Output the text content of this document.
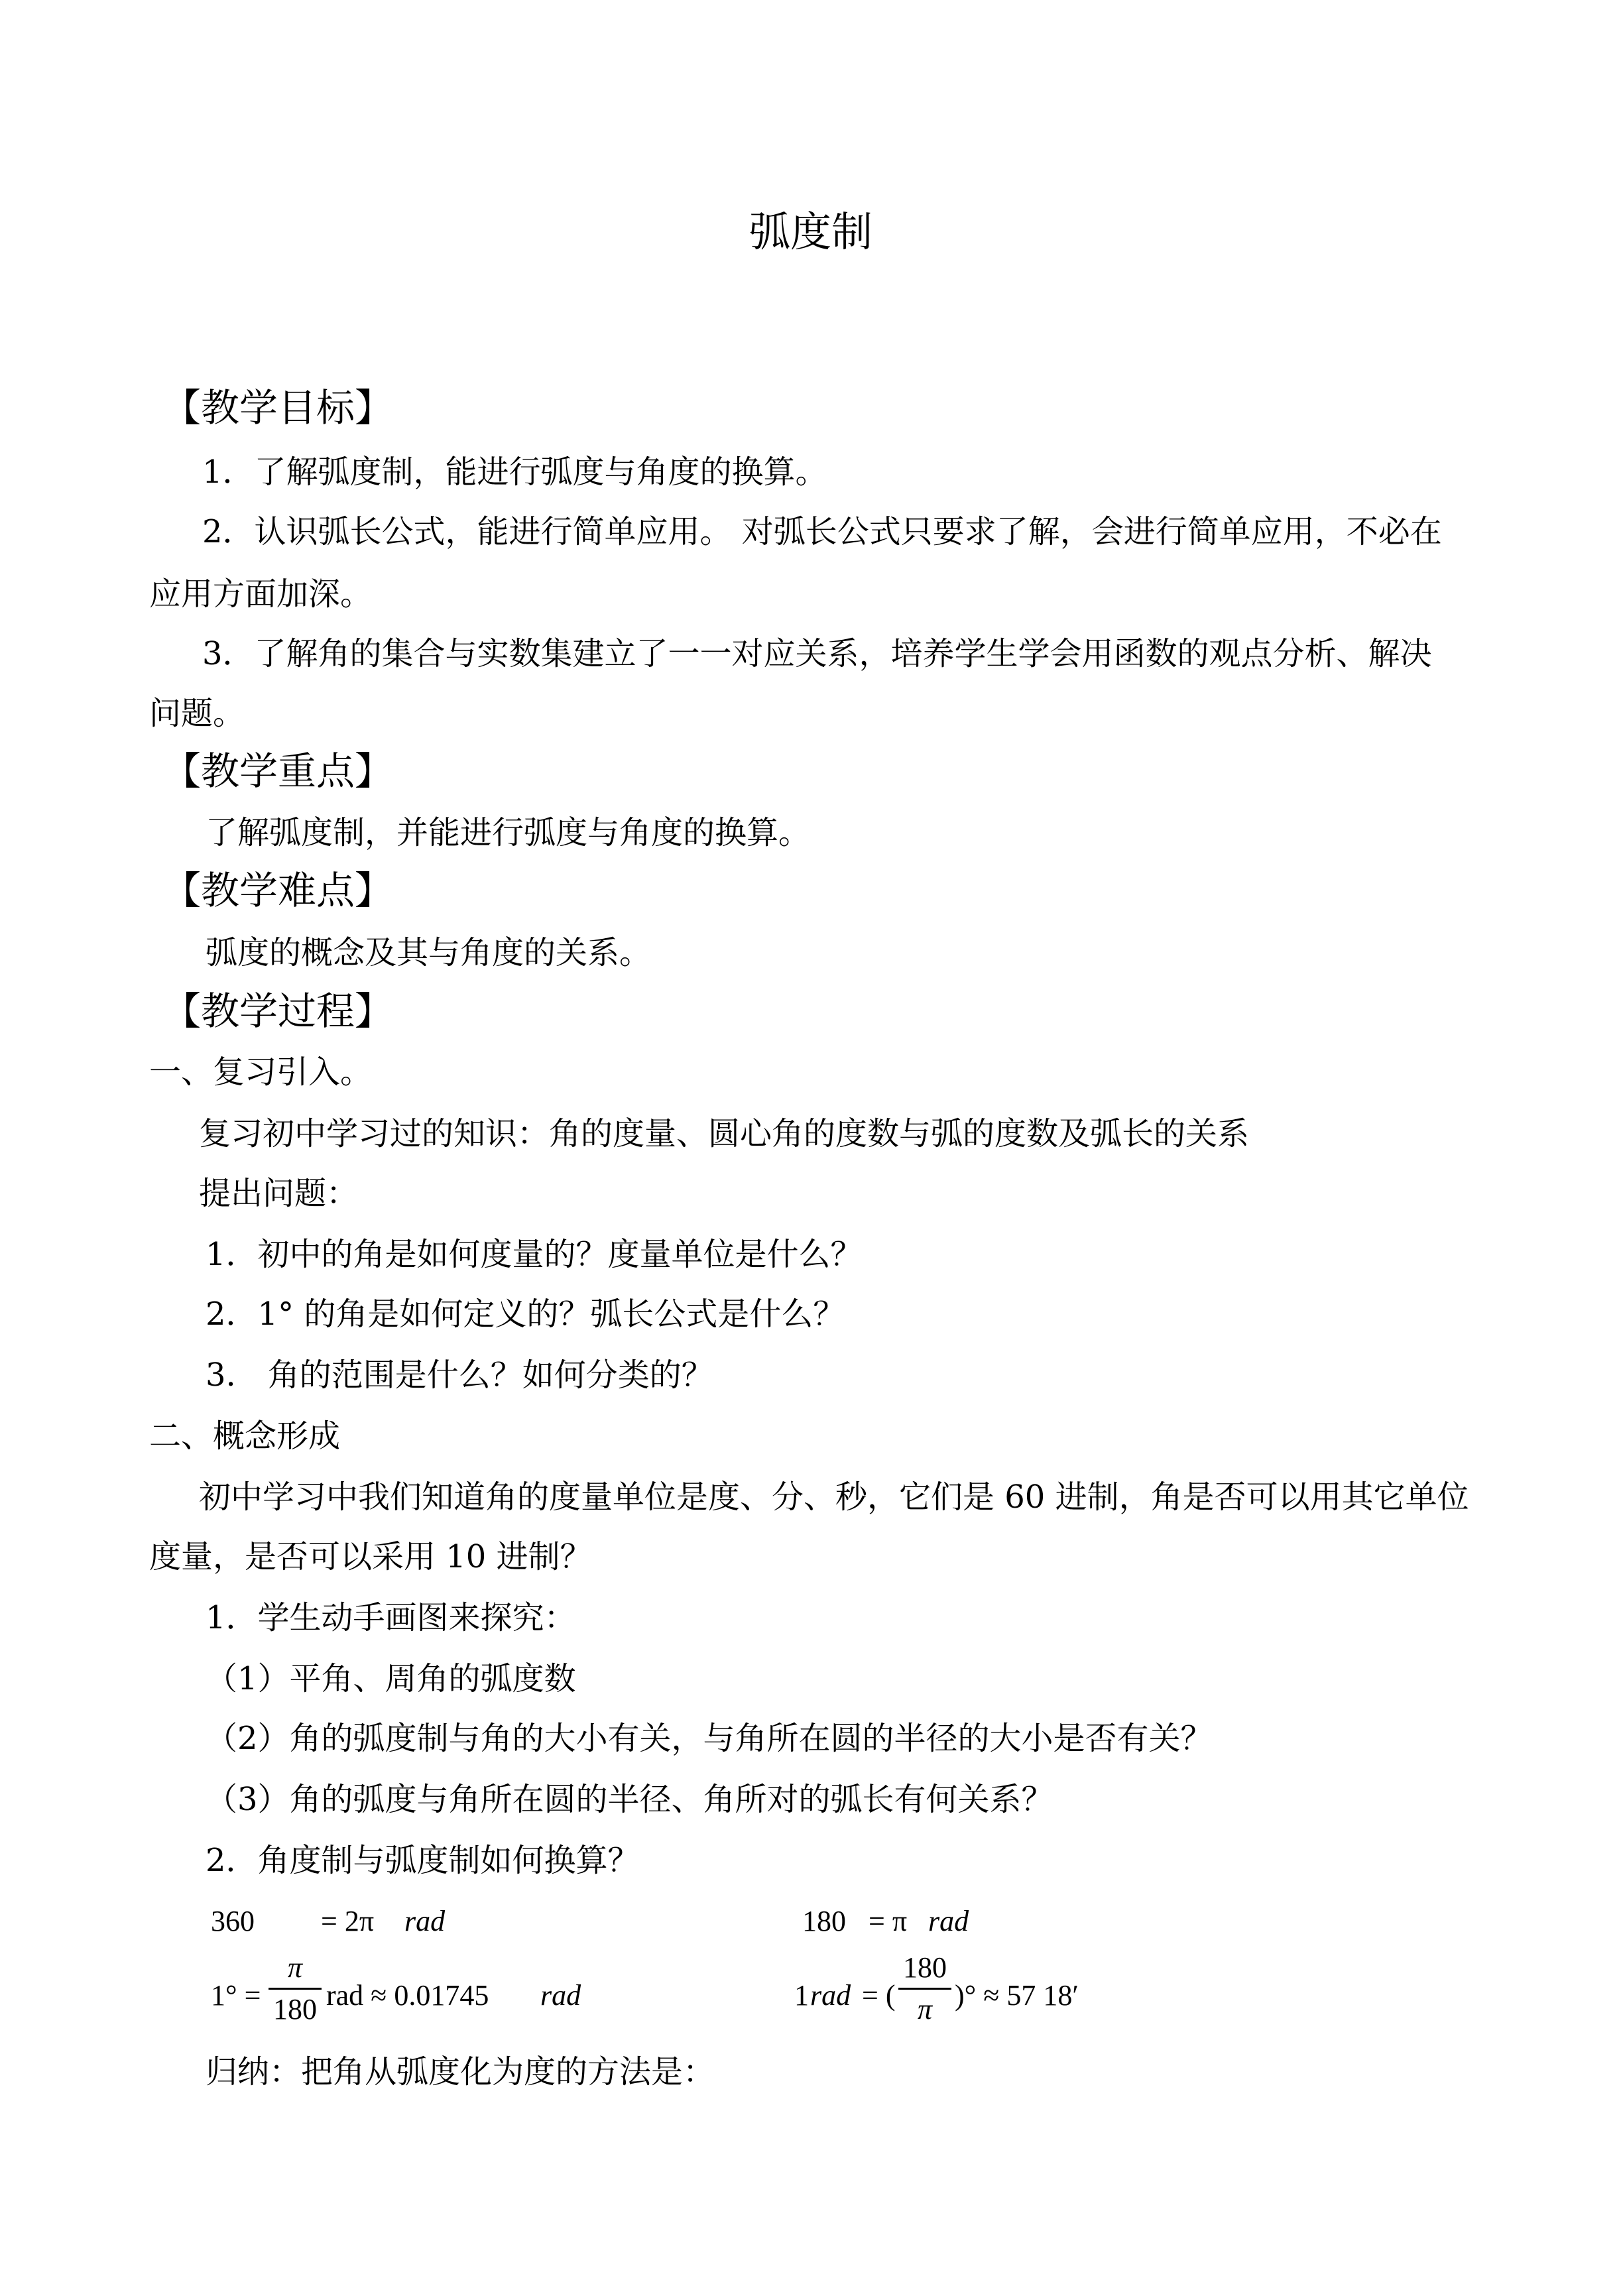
弧度制
【教学目标】
1．了解弧度制，能进行弧度与角度的换算。
2．认识弧长公式，能进行简单应用。 对弧长公式只要求了解，会进行简单应用，不必在
应用方面加深。
3．了解角的集合与实数集建立了一一对应关系，培养学生学会用函数的观点分析、解决
问题。
【教学重点】
了解弧度制，并能进行弧度与角度的换算。
【教学难点】
弧度的概念及其与角度的关系。
【教学过程】
一、复习引入。
复习初中学习过的知识：角的度量、圆心角的度数与弧的度数及弧长的关系
提出问题：
1．初中的角是如何度量的？度量单位是什么？
2．1° 的角是如何定义的？弧长公式是什么？
3.　角的范围是什么？如何分类的？
二、概念形成
初中学习中我们知道角的度量单位是度、分、秒，它们是 60 进制，角是否可以用其它单位
度量，是否可以采用 10 进制？
1．学生动手画图来探究：
（1）平角、周角的弧度数
（2）角的弧度制与角的大小有关，与角所在圆的半径的大小是否有关？
（3）角的弧度与角所在圆的半径、角所对的弧长有何关系？
2．角度制与弧度制如何换算？
360 = 2π rad	180 = π rad
1° =
π
180 rad ≈ 0.01745 rad	1 rad = (
180
π )° ≈ 57 18′
归纳：把角从弧度化为度的方法是：
